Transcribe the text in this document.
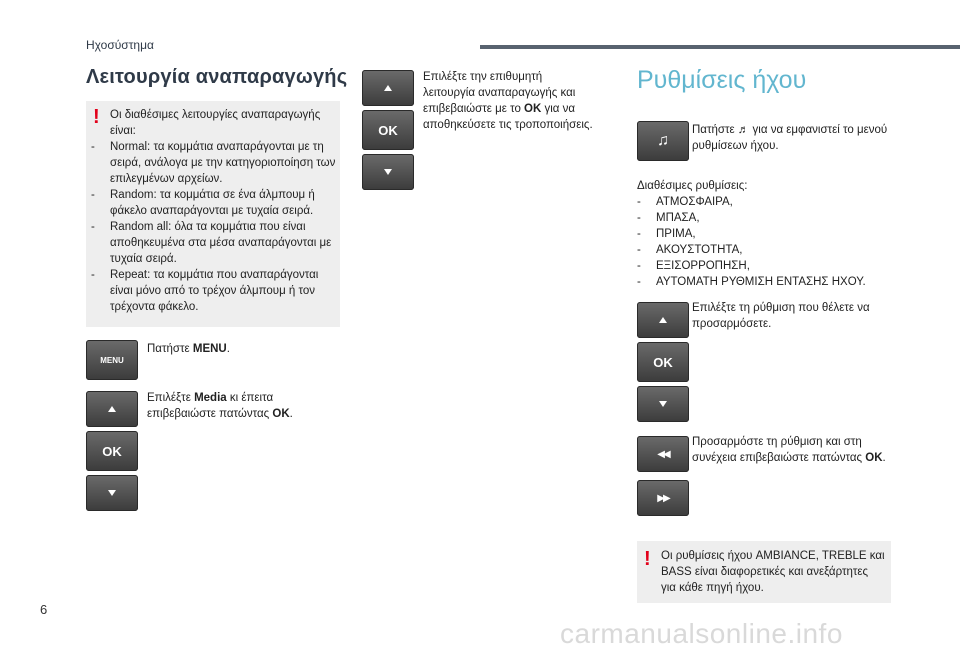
Ηχοσύστημα
Λειτουργία αναπαραγωγής
! Οι διαθέσιμες λειτουργίες αναπαραγωγής είναι:
- Normal: τα κομμάτια αναπαράγονται με τη σειρά, ανάλογα με την κατηγοριοποίηση των επιλεγμένων αρχείων.
- Random: τα κομμάτια σε ένα άλμπουμ ή φάκελο αναπαράγονται με τυχαία σειρά.
- Random all: όλα τα κομμάτια που είναι αποθηκευμένα στα μέσα αναπαράγονται με τυχαία σειρά.
- Repeat: τα κομμάτια που αναπαράγονται είναι μόνο από το τρέχον άλμπουμ ή τον τρέχοντα φάκελο.
MENU
Πατήστε MENU.
OK
Επιλέξτε Media κι έπειτα επιβεβαιώστε πατώντας OK.
OK
Επιλέξτε την επιθυμητή λειτουργία αναπαραγωγής και επιβεβαιώστε με το OK για να αποθηκεύσετε τις τροποποιήσεις.
Ρυθμίσεις ήχου
♫
Πατήστε ♬ για να εμφανιστεί το μενού ρυθμίσεων ήχου.
Διαθέσιμες ρυθμίσεις:
- ΑΤΜΟΣΦΑΙΡΑ,
- ΜΠΑΣΑ,
- ΠΡΙΜΑ,
- ΑΚΟΥΣΤΟΤΗΤΑ,
- ΕΞΙΣΟΡΡΟΠΗΣΗ,
- ΑΥΤΟΜΑΤΗ ΡΥΘΜΙΣΗ ΕΝΤΑΣΗΣ ΗΧΟΥ.
OK
Επιλέξτε τη ρύθμιση που θέλετε να προσαρμόσετε.
◀◀
▶▶
Προσαρμόστε τη ρύθμιση και στη συνέχεια επιβεβαιώστε πατώντας OK.
! Οι ρυθμίσεις ήχου AMBIANCE, TREBLE και BASS είναι διαφορετικές και ανεξάρτητες για κάθε πηγή ήχου.
6
carmanualsonline.info
